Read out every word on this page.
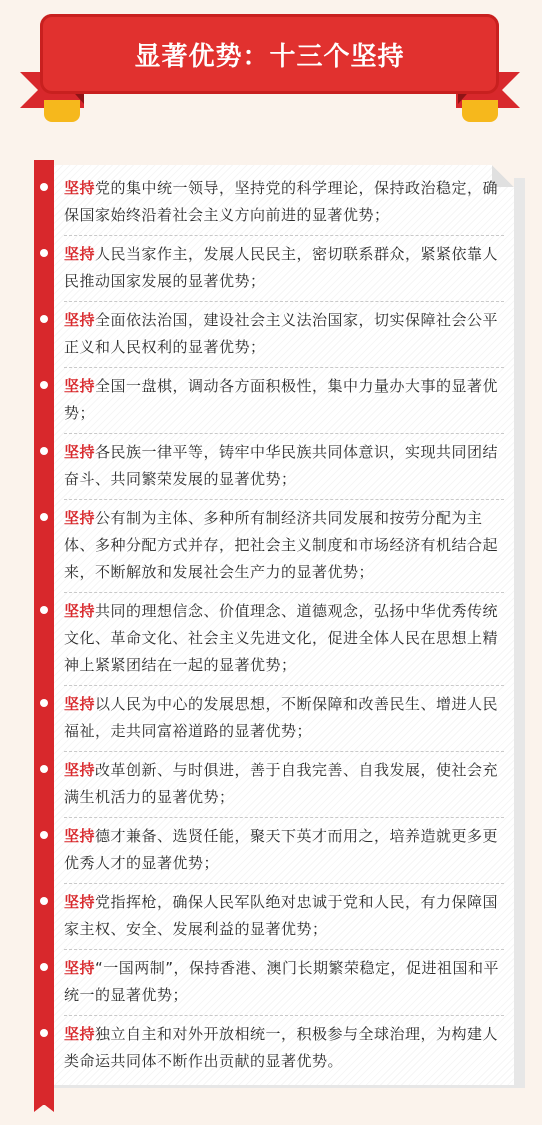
显著优势：十三个坚持
坚持党的集中统一领导，坚持党的科学理论，保持政治稳定，确保国家始终沿着社会主义方向前进的显著优势；
坚持人民当家作主，发展人民民主，密切联系群众，紧紧依靠人民推动国家发展的显著优势；
坚持全面依法治国，建设社会主义法治国家，切实保障社会公平正义和人民权利的显著优势；
坚持全国一盘棋，调动各方面积极性，集中力量办大事的显著优势；
坚持各民族一律平等，铸牢中华民族共同体意识，实现共同团结奋斗、共同繁荣发展的显著优势；
坚持公有制为主体、多种所有制经济共同发展和按劳分配为主体、多种分配方式并存，把社会主义制度和市场经济有机结合起来，不断解放和发展社会生产力的显著优势；
坚持共同的理想信念、价值理念、道德观念，弘扬中华优秀传统文化、革命文化、社会主义先进文化，促进全体人民在思想上精神上紧紧团结在一起的显著优势；
坚持以人民为中心的发展思想，不断保障和改善民生、增进人民福祉，走共同富裕道路的显著优势；
坚持改革创新、与时俱进，善于自我完善、自我发展，使社会充满生机活力的显著优势；
坚持德才兼备、选贤任能，聚天下英才而用之，培养造就更多更优秀人才的显著优势；
坚持党指挥枪，确保人民军队绝对忠诚于党和人民，有力保障国家主权、安全、发展利益的显著优势；
坚持“一国两制”，保持香港、澳门长期繁荣稳定，促进祖国和平统一的显著优势；
坚持独立自主和对外开放相统一，积极参与全球治理，为构建人类命运共同体不断作出贡献的显著优势。
